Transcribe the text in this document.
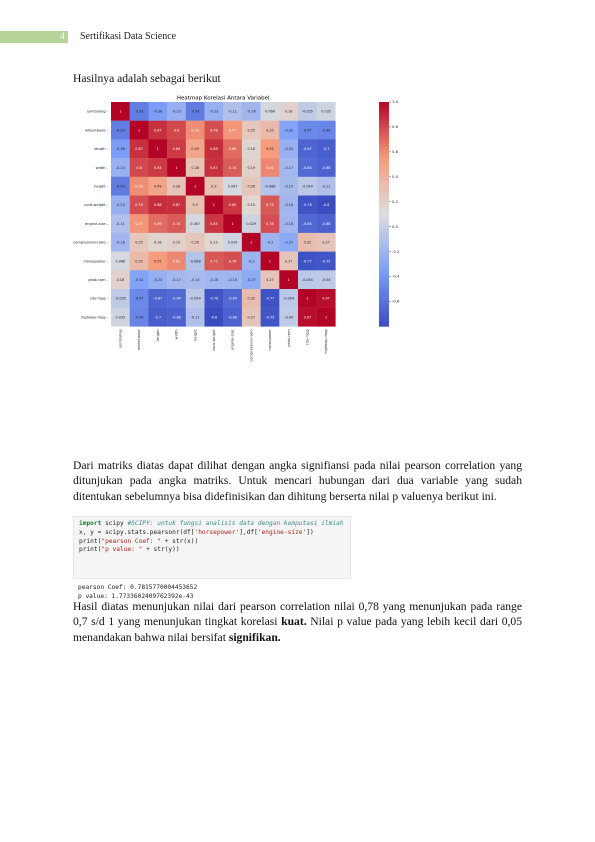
4 Sertifikasi Data Science

Hasilnya adalah sebagai berikut

Heatmap Korelasi Antara Variabel
1	-0.53	-0.36	-0.23	-0.54	-0.23	-0.11	-0.18	0.066	0.18	-0.035 0.035
-0.53	1	0.87	0.8	0.59	0.78	0.57	0.25	0.35	-0.32	-0.47	-0.49
-0.36	0.87	1	0.84	0.49	0.88	0.69	0.16	0.55	-0.23	-0.67	-0.7
-0.23	0.8	0.84	1	0.28	0.87	0.74	0.19	0.61	-0.17	-0.64	-0.68
-0.54	0.59	0.49	0.28	1	0.3	0.067	0.26	-0.088	-0.15	-0.049	-0.11
-0.23	0.78	0.88	0.87	0.3	1	0.85	0.15	0.75	-0.18	-0.76	-0.8
-0.11	0.57	0.69	0.74	0.067	0.85	1	0.029	0.78	-0.18	-0.65	-0.68
-0.18	0.25	0.16	0.19	0.26	0.15	0.029	1	-0.2	-0.27	0.32	0.27
0.066	0.35	0.55	0.61	-0.088	0.75	0.78	-0.2	1	0.27	-0.77	-0.75
0.18	-0.32	-0.23	-0.17	-0.15	-0.18	-0.18	-0.27	0.27	1	-0.054	-0.04
-0.035	-0.47	-0.67	-0.64	-0.049	-0.76	-0.65	0.32	-0.77	-0.054	1	0.97
0.035	-0.49	-0.7	-0.68	-0.11	-0.8	-0.68	0.27	-0.75	-0.04	0.97	1
symboling -
wheel-base -
length -
width -
height -
curb-weight -
engine-size -
compression-ratio -
horsepower -
peak-rpm -
city-mpg -
highway-mpg -
symboling	wheel-base	length	width	height	curb-weight	engine-size	compression-ratio	horsepower	peak-rpm	city-mpg	highway-mpg
1.0
0.8
0.6
0.4
0.2
0.0
-0.2
-0.4
-0.6

Dari matriks diatas dapat dilihat dengan angka signifiansi pada nilai pearson correlation yang ditunjukan pada angka matriks. Untuk mencari hubungan dari dua variable yang sudah ditentukan sebelumnya bisa didefinisikan dan dihitung berserta nilai p valuenya berikut ini.

import scipy #SCIPY: untuk fungsi analisis data dengan komputasi ilmiah
x, y = scipy.stats.pearsonr(df['horsepower'],df['engine-size'])
print("pearson Coef: " + str(x))
print("p value: " + str(y))
pearson Coef: 0.7815770004453652
p value: 1.7733602409762392e-43

Hasil diatas menunjukan nilai dari pearson correlation nilai 0,78 yang menunjukan pada range 0,7 s/d 1 yang menunjukan tingkat korelasi kuat. Nilai p value pada yang lebih kecil dari 0,05 menandakan bahwa nilai bersifat signifikan.
